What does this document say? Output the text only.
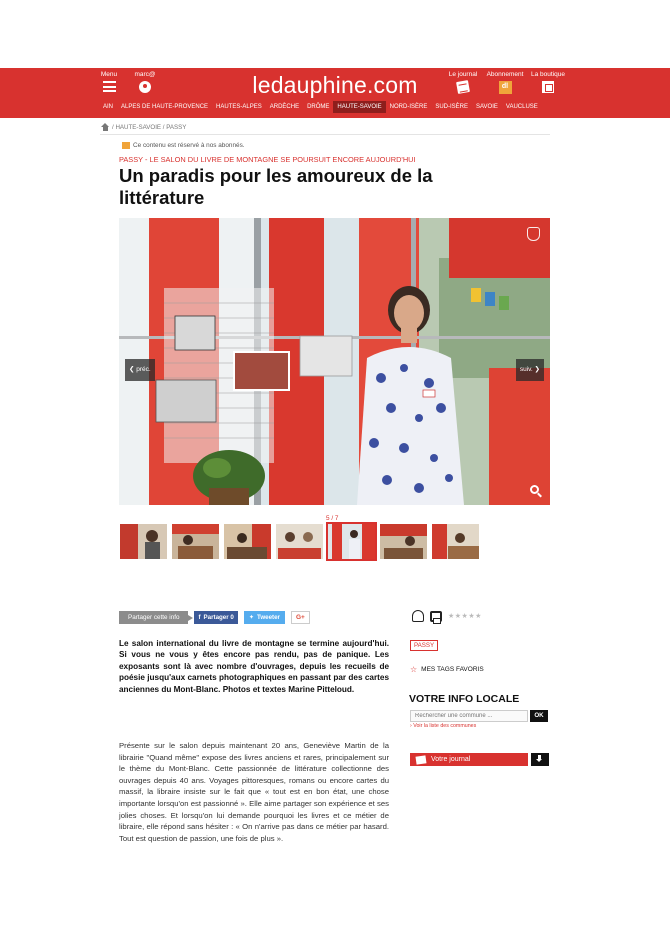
Menu	marc@	ledauphine.com	Le journal	Abonnement
dl
La boutique
AIN	ALPES DE HAUTE-PROVENCE	HAUTES-ALPES	ARDÈCHE	DRÔME	HAUTE-SAVOIE	NORD-ISÈRE	SUD-ISÈRE	SAVOIE	VAUCLUSE
/ HAUTE-SAVOIE / PASSY
Ce contenu est réservé à nos abonnés.
PASSY - LE SALON DU LIVRE DE MONTAGNE SE POURSUIT ENCORE AUJOURD'HUI
Un paradis pour les amoureux de la littérature
❮ préc.	suiv. ❯
5 / 7
Partager cette info	f Partager 0 ✦ Tweeter	G+

Le salon international du livre de montagne se termine aujourd'hui. Si vous ne vous y êtes encore pas rendu, pas de panique. Les exposants sont là avec nombre d'ouvrages, depuis les recueils de poésie jusqu'aux carnets photographiques en passant par des cartes anciennes du Mont-Blanc. Photos et textes Marine Pitteloud.

Présente sur le salon depuis maintenant 20 ans, Geneviève Martin de la librairie "Quand même" expose des livres anciens et rares, principalement sur le thème du Mont-Blanc. Cette passionnée de littérature collectionne des ouvrages depuis 40 ans. Voyages pittoresques, romans ou encore cartes du massif, la libraire insiste sur le fait que « tout est en bon état, une chose importante lorsqu'on est passionné ». Elle aime partager son expérience et ses jolies choses. Et lorsqu'on lui demande pourquoi les livres et ce métier de libraire, elle répond sans hésiter : « On n'arrive pas dans ce métier par hasard. Tout est question de passion, une fois de plus ».

★★★★★
PASSY
☆ MES TAGS FAVORIS
VOTRE INFO LOCALE
Rechercher une commune ...
OK
› Voir la liste des communes
Votre journal
